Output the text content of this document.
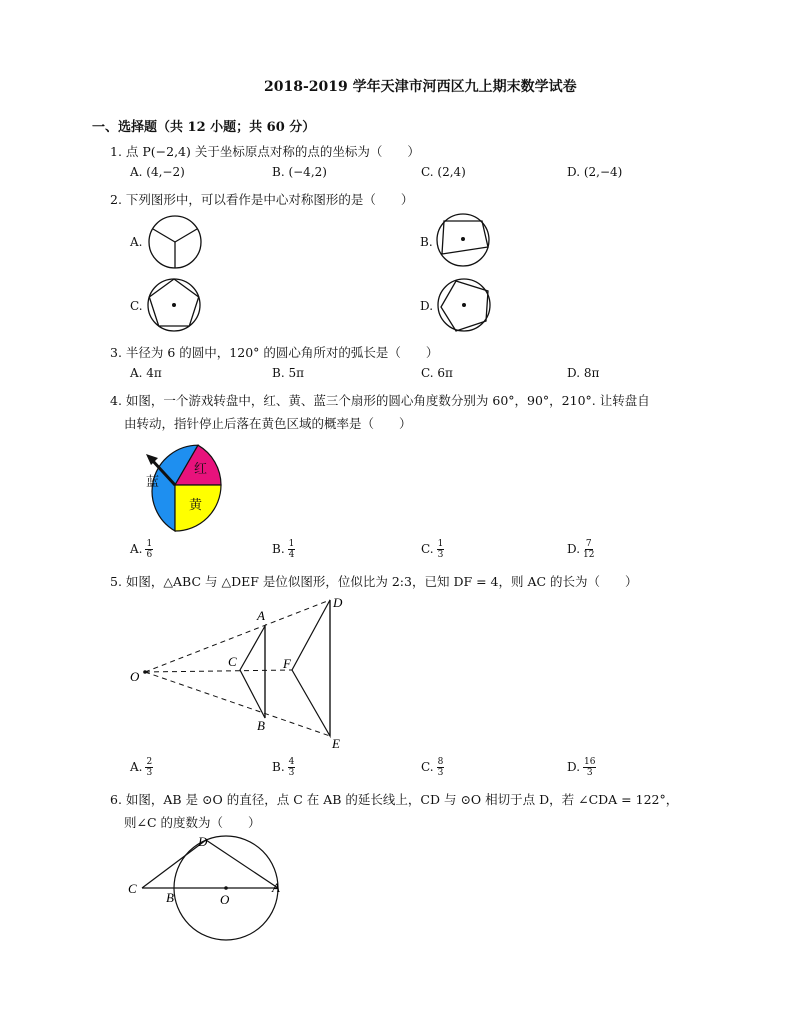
2018-2019 学年天津市河西区九上期末数学试卷
一、选择题（共 12 小题；共 60 分）
1. 点 P(−2,4) 关于坐标原点对称的点的坐标为（　　）
A. (4,−2)	B. (−4,2)	C. (2,4)	D. (2,−4)
2. 下列图形中，可以看作是中心对称图形的是（　　）
A.	B.
C.	D.
3. 半径为 6 的圆中，120° 的圆心角所对的弧长是（　　）
A. 4π	B. 5π	C. 6π	D. 8π
4. 如图，一个游戏转盘中，红、黄、蓝三个扇形的圆心角度数分别为 60°，90°，210°. 让转盘自
由转动，指针停止后落在黄色区域的概率是（　　）
红
黄
蓝
A. $\frac{1}{6}$	B. $\frac{1}{4}$	C. $\frac{1}{3}$	D. $\frac{7}{12}$
5. 如图，△ABC 与 △DEF 是位似图形，位似比为 2:3，已知 DF = 4，则 AC 的长为（　　）
O
A
C
B
F
D
E
A. $\frac{2}{3}$	B. $\frac{4}{3}$	C. $\frac{8}{3}$	D. $\frac{16}{3}$
6. 如图，AB 是 ⊙O 的直径，点 C 在 AB 的延长线上，CD 与 ⊙O 相切于点 D，若 ∠CDA = 122°，
则∠C 的度数为（　　）
C
B	O
A
D
